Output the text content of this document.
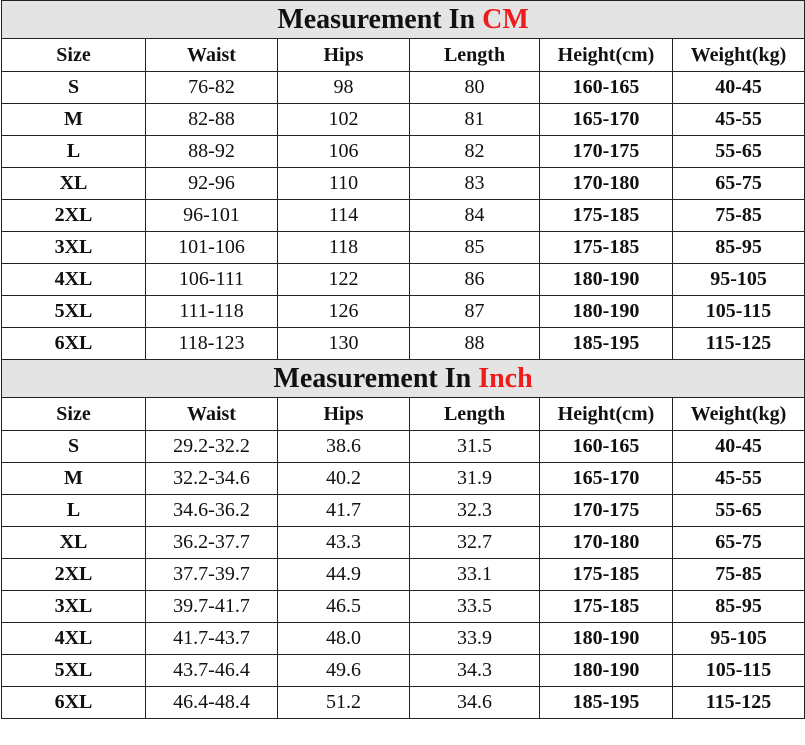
Measurement In CM					
Size	Waist	Hips	Length	Height(cm)	Weight(kg)
S	76-82	98	80	160-165	40-45
M	82-88	102	81	165-170	45-55
L	88-92	106	82	170-175	55-65
XL	92-96	110	83	170-180	65-75
2XL	96-101	114	84	175-185	75-85
3XL	101-106	118	85	175-185	85-95
4XL	106-111	122	86	180-190	95-105
5XL	111-118	126	87	180-190	105-115
6XL	118-123	130	88	185-195	115-125
Measurement In Inch					
Size	Waist	Hips	Length	Height(cm)	Weight(kg)
S	29.2-32.2	38.6	31.5	160-165	40-45
M	32.2-34.6	40.2	31.9	165-170	45-55
L	34.6-36.2	41.7	32.3	170-175	55-65
XL	36.2-37.7	43.3	32.7	170-180	65-75
2XL	37.7-39.7	44.9	33.1	175-185	75-85
3XL	39.7-41.7	46.5	33.5	175-185	85-95
4XL	41.7-43.7	48.0	33.9	180-190	95-105
5XL	43.7-46.4	49.6	34.3	180-190	105-115
6XL	46.4-48.4	51.2	34.6	185-195	115-125
